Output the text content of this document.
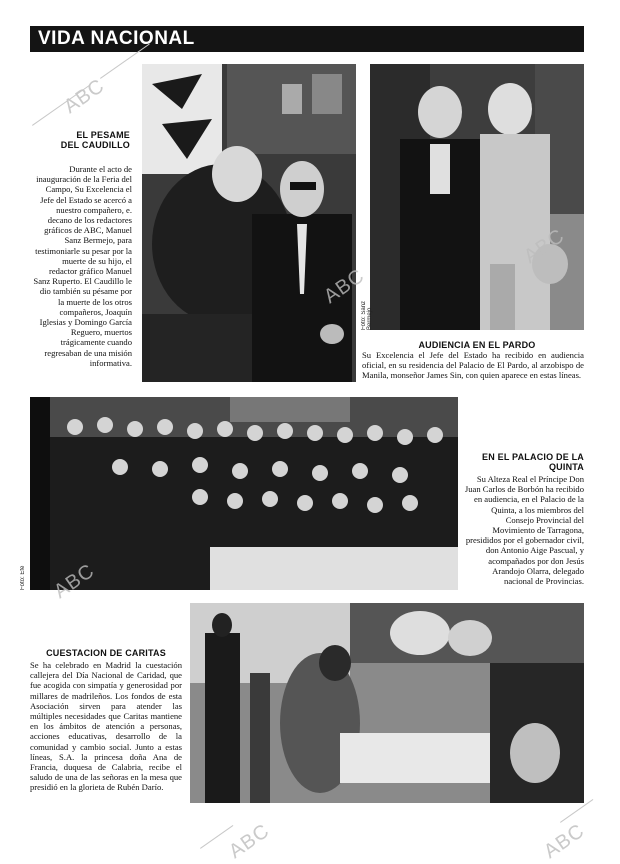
VIDA NACIONAL
EL PESAME DEL CAUDILLO
Durante el acto de inauguración de la Feria del Campo, Su Excelencia el Jefe del Estado se acercó a nuestro compañero, e. decano de los redactores gráficos de ABC, Manuel Sanz Bermejo, para testimoniarle su pesar por la muerte de su hijo, el redactor gráfico Manuel Sanz Ruperto. El Caudillo le dio también su pésame por la muerte de los otros compañeros, Joaquín Iglesias y Domingo García Reguero, muertos trágicamente cuando regresaban de una misión informativa.
Foto: Sanz Bermejo
AUDIENCIA EN EL PARDO
Su Excelencia el Jefe del Estado ha recibido en audiencia oficial, en su residencia del Palacio de El Pardo, al arzobispo de Manila, monseñor James Sin, con quien aparece en estas líneas.
Foto: Efe
EN EL PALACIO DE LA QUINTA
Su Alteza Real el Príncipe Don Juan Carlos de Borbón ha recibido en audiencia, en el Palacio de la Quinta, a los miembros del Consejo Provincial del Movimiento de Tarragona, presididos por el gobernador civil, don Antonio Aige Pascual, y acompañados por don Jesús Arandojo Olarra, delegado nacional de Provincias.
CUESTACION DE CARITAS
Se ha celebrado en Madrid la cuestación callejera del Día Nacional de Caridad, que fue acogida con simpatía y generosidad por millares de madrileños. Los fondos de esta Asociación sirven para atender las múltiples necesidades que Caritas mantiene en los ámbitos de atención a personas, acciones educativas, desarrollo de la comunidad y cambio social. Junto a estas líneas, S.A. la princesa doña Ana de Francia, duquesa de Calabria, recibe el saludo de una de las señoras en la mesa que presidió en la glorieta de Rubén Darío.
ABC
ABC
ABC
ABC
ABC	ABC
